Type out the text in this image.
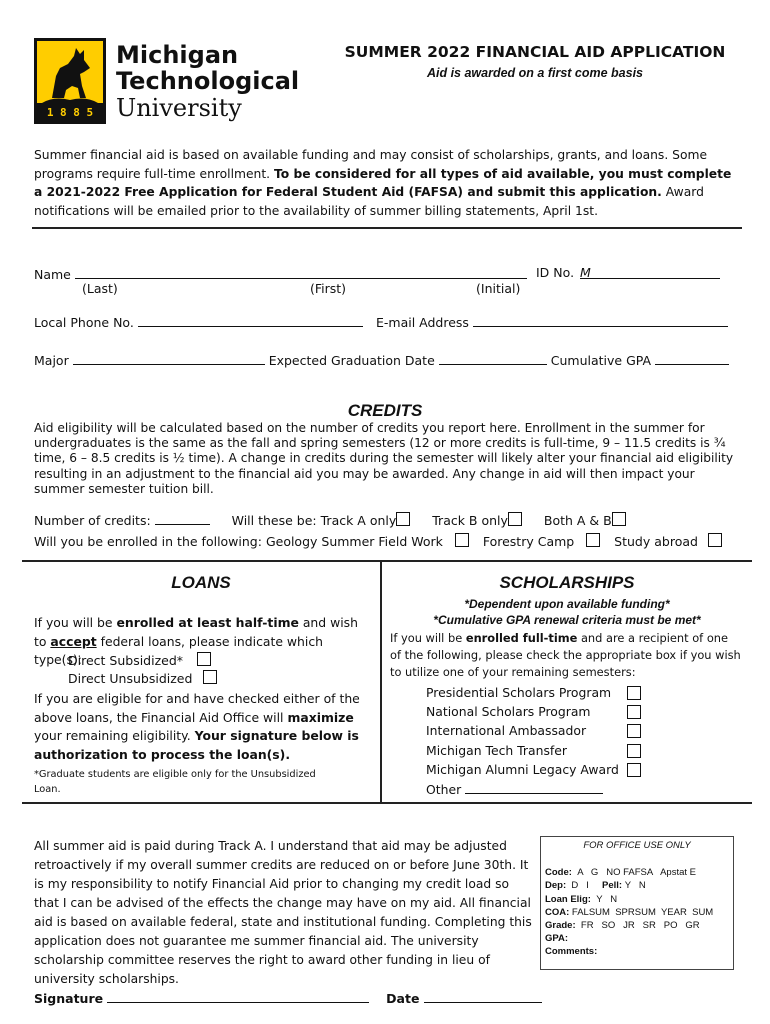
1 8 8 5
Michigan
Technological
University
SUMMER 2022 FINANCIAL AID APPLICATION
Aid is awarded on a first come basis
Summer financial aid is based on available funding and may consist of scholarships, grants, and loans. Some programs require full-time enrollment. To be considered for all types of aid available, you must complete a 2021-2022 Free Application for Federal Student Aid (FAFSA) and submit this application. Award notifications will be emailed prior to the availability of summer billing statements, April 1st.
Name
(Last)	(First)	(Initial)
ID No. M
Local Phone No.	E-mail Address
Major	Expected Graduation Date	Cumulative GPA
CREDITS
Aid eligibility will be calculated based on the number of credits you report here. Enrollment in the summer for undergraduates is the same as the fall and spring semesters (12 or more credits is full-time, 9 – 11.5 credits is ¾ time, 6 – 8.5 credits is ½ time). A change in credits during the semester will likely alter your financial aid eligibility resulting in an adjustment to the financial aid you may be awarded. Any change in aid will then impact your summer semester tuition bill.
Number of credits:	Will these be: Track A only	Track B only	Both A & B
Will you be enrolled in the following: Geology Summer Field Work	Forestry Camp	Study abroad
LOANS
If you will be enrolled at least half-time and wish to accept federal loans, please indicate which type(s):
Direct Subsidized*
Direct Unsubsidized
If you are eligible for and have checked either of the above loans, the Financial Aid Office will maximize your remaining eligibility. Your signature below is authorization to process the loan(s).
*Graduate students are eligible only for the Unsubsidized Loan.
SCHOLARSHIPS
*Dependent upon available funding*
*Cumulative GPA renewal criteria must be met*
If you will be enrolled full-time and are a recipient of one of the following, please check the appropriate box if you wish to utilize one of your remaining semesters:
Presidential Scholars Program
National Scholars Program
International Ambassador
Michigan Tech Transfer
Michigan Alumni Legacy Award
Other
All summer aid is paid during Track A. I understand that aid may be adjusted retroactively if my overall summer credits are reduced on or before June 30th. It is my responsibility to notify Financial Aid prior to changing my credit load so that I can be advised of the effects the change may have on my aid. All financial aid is based on available federal, state and institutional funding. Completing this application does not guarantee me summer financial aid. The university scholarship committee reserves the right to award other funding in lieu of university scholarships.
Signature	Date
FOR OFFICE USE ONLY
Code: A   G   NO FAFSA   Apstat E
Dep: D   I Pell: Y   N
Loan Elig: Y   N
COA: FALSUM  SPRSUM  YEAR  SUM
Grade: FR   SO   JR   SR   PO   GR
GPA:
Comments:
